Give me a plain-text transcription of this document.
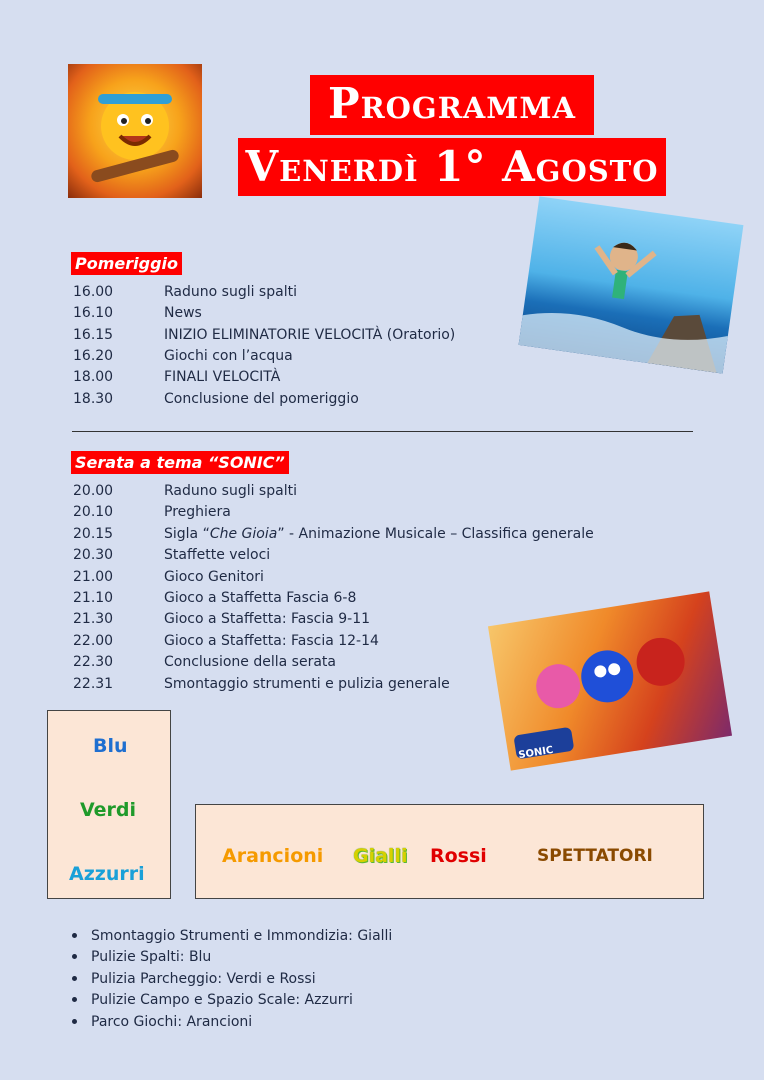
Programma
Venerdì 1° Agosto
Pomeriggio
16.00	Raduno sugli spalti
16.10	News
16.15	INIZIO ELIMINATORIE VELOCITÀ (Oratorio)
16.20	Giochi con l’acqua
18.00	FINALI VELOCITÀ
18.30	Conclusione del pomeriggio
Serata a tema “SONIC”
20.00	Raduno sugli spalti
20.10	Preghiera
20.15	Sigla “Che Gioia” - Animazione Musicale – Classifica generale
20.30	Staffette veloci
21.00	Gioco Genitori
21.10	Gioco a Staffetta Fascia 6-8
21.30	Gioco a Staffetta: Fascia 9-11
22.00	Gioco a Staffetta: Fascia 12-14
22.30	Conclusione della serata
22.31	Smontaggio strumenti e pulizia generale
SONIC
Blu
Verdi
Azzurri
Arancioni Gialli Rossi	SPETTATORI
Smontaggio Strumenti e Immondizia: Gialli
Pulizie Spalti: Blu
Pulizia Parcheggio: Verdi e Rossi
Pulizie Campo e Spazio Scale: Azzurri
Parco Giochi: Arancioni
